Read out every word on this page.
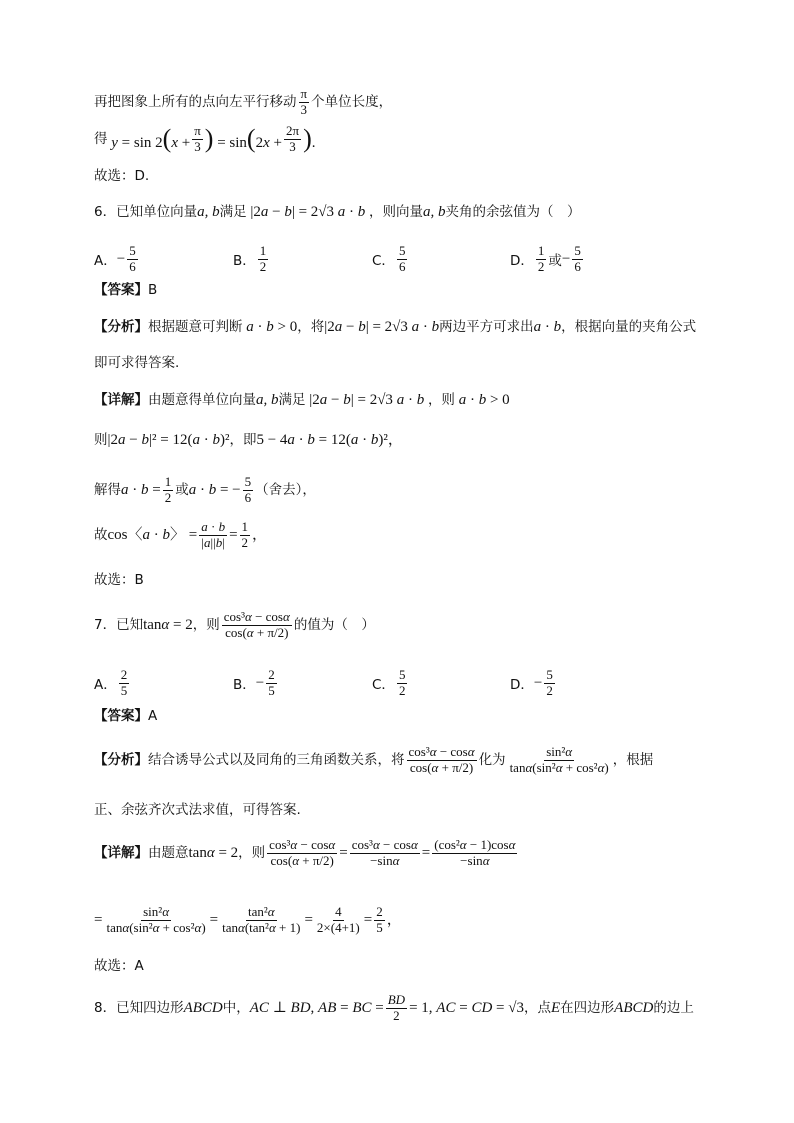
再把图象上所有的点向左平行移动 $\frac{\pi}{3}$ 个单位长度，
得 $y = \sin 2(x + \frac{\pi}{3}$ ) = $\sin(2x + \frac{2\pi}{3}$ ).
故选：D.
6．已知单位向量 a, b 满足 |2a − b| = 2√3 a · b ，则向量 a, b 夹角的余弦值为（　）
A． − $\frac{5}{6}$	B． $\frac{1}{2}$	C． $\frac{5}{6}$	D． $\frac{1}{2}$ 或 − $\frac{5}{6}$
【答案】 B
【分析】 根据题意可判断 a · b > 0 ，将 |2a − b| = 2√3 a · b 两边平方可求出 a · b ，根据向量的夹角公式
即可求得答案.
【详解】 由题意得单位向量 a, b 满足 |2a − b| = 2√3 a · b ，则 a · b > 0
则 |2a − b|² = 12(a · b)² ，即 5 − 4a · b = 12(a · b)²，
解得 $a \cdot b = \frac{1}{2}$ 或 a · b = − $\frac{5}{6}$ （舍去），
故 cos〈a · b〉 = $\frac{a \cdot b}{|a||b|} = \frac{1}{2}$ ，
故选：B
7．已知 tanα = 2 ，则 $\frac{\text{cos³α − cosα}}{\cos(\alpha + \pi/2)}$ 的值为（　）
A． $\frac{2}{5}$	B． − $\frac{2}{5}$	C． $\frac{5}{2}$	D． − $\frac{5}{2}$
【答案】 A
【分析】 结合诱导公式以及同角的三角函数关系，将 $\frac{\text{cos³α − cosα}}{\cos(\alpha + \pi/2)}$ 化为 $\frac{\text{sin²α}}{\text{tanα(sin²α + cos²α)}}$ ，根据
正、余弦齐次式法求值，可得答案.
【详解】 由题意 tanα = 2 ，则 $\frac{\text{cos³α − cosα}}{\cos(\alpha + \pi/2)} = \frac{\text{cos³α − cosα}}{-\sin\alpha} = \frac{\text{(cos²α − 1)cosα}}{-\sin\alpha}$
= $\frac{\text{sin²α}}{\text{tanα(sin²α + cos²α)}} = \frac{\text{tan²α}}{\text{tanα(tan²α + 1)}} = \frac{4}{2\times(4+1)} = \frac{2}{5}$ ，
故选：A
8．已知四边形 ABCD 中， AC ⊥ BD, AB = BC = $\frac{BD}{2} = 1$, AC = CD = √3 ，点 E 在四边形 ABCD 的边上
